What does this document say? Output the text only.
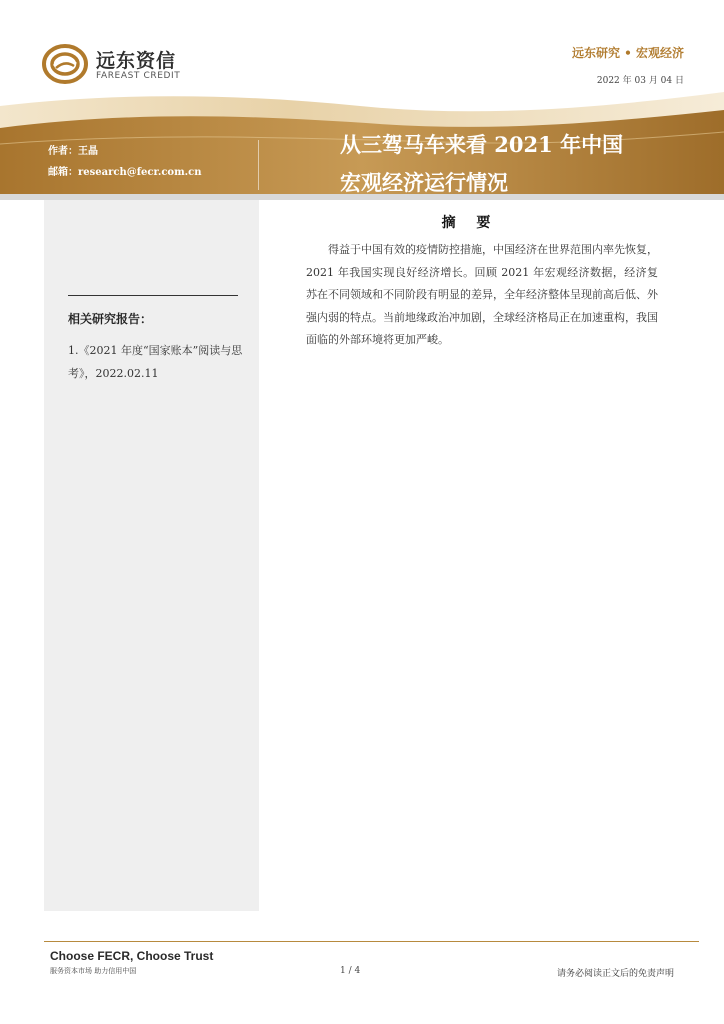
远东资信
FAREAST CREDIT
远东研究 • 宏观经济
2022 年 03 月 04 日
作者：王晶
邮箱：research@fecr.com.cn
从三驾马车来看 2021 年中国
宏观经济运行情况
相关研究报告：
1.《2021 年度“国家账本”阅读与思考》，2022.02.11
摘 要
得益于中国有效的疫情防控措施，中国经济在世界范围内率先恢复，2021 年我国实现良好经济增长。回顾 2021 年宏观经济数据，经济复苏在不同领域和不同阶段有明显的差异，全年经济整体呈现前高后低、外强内弱的特点。当前地缘政治冲加剧，全球经济格局正在加速重构，我国面临的外部环境将更加严峻。
Choose FECR, Choose Trust
服务资本市场 助力信用中国	1 / 4	请务必阅读正文后的免责声明
